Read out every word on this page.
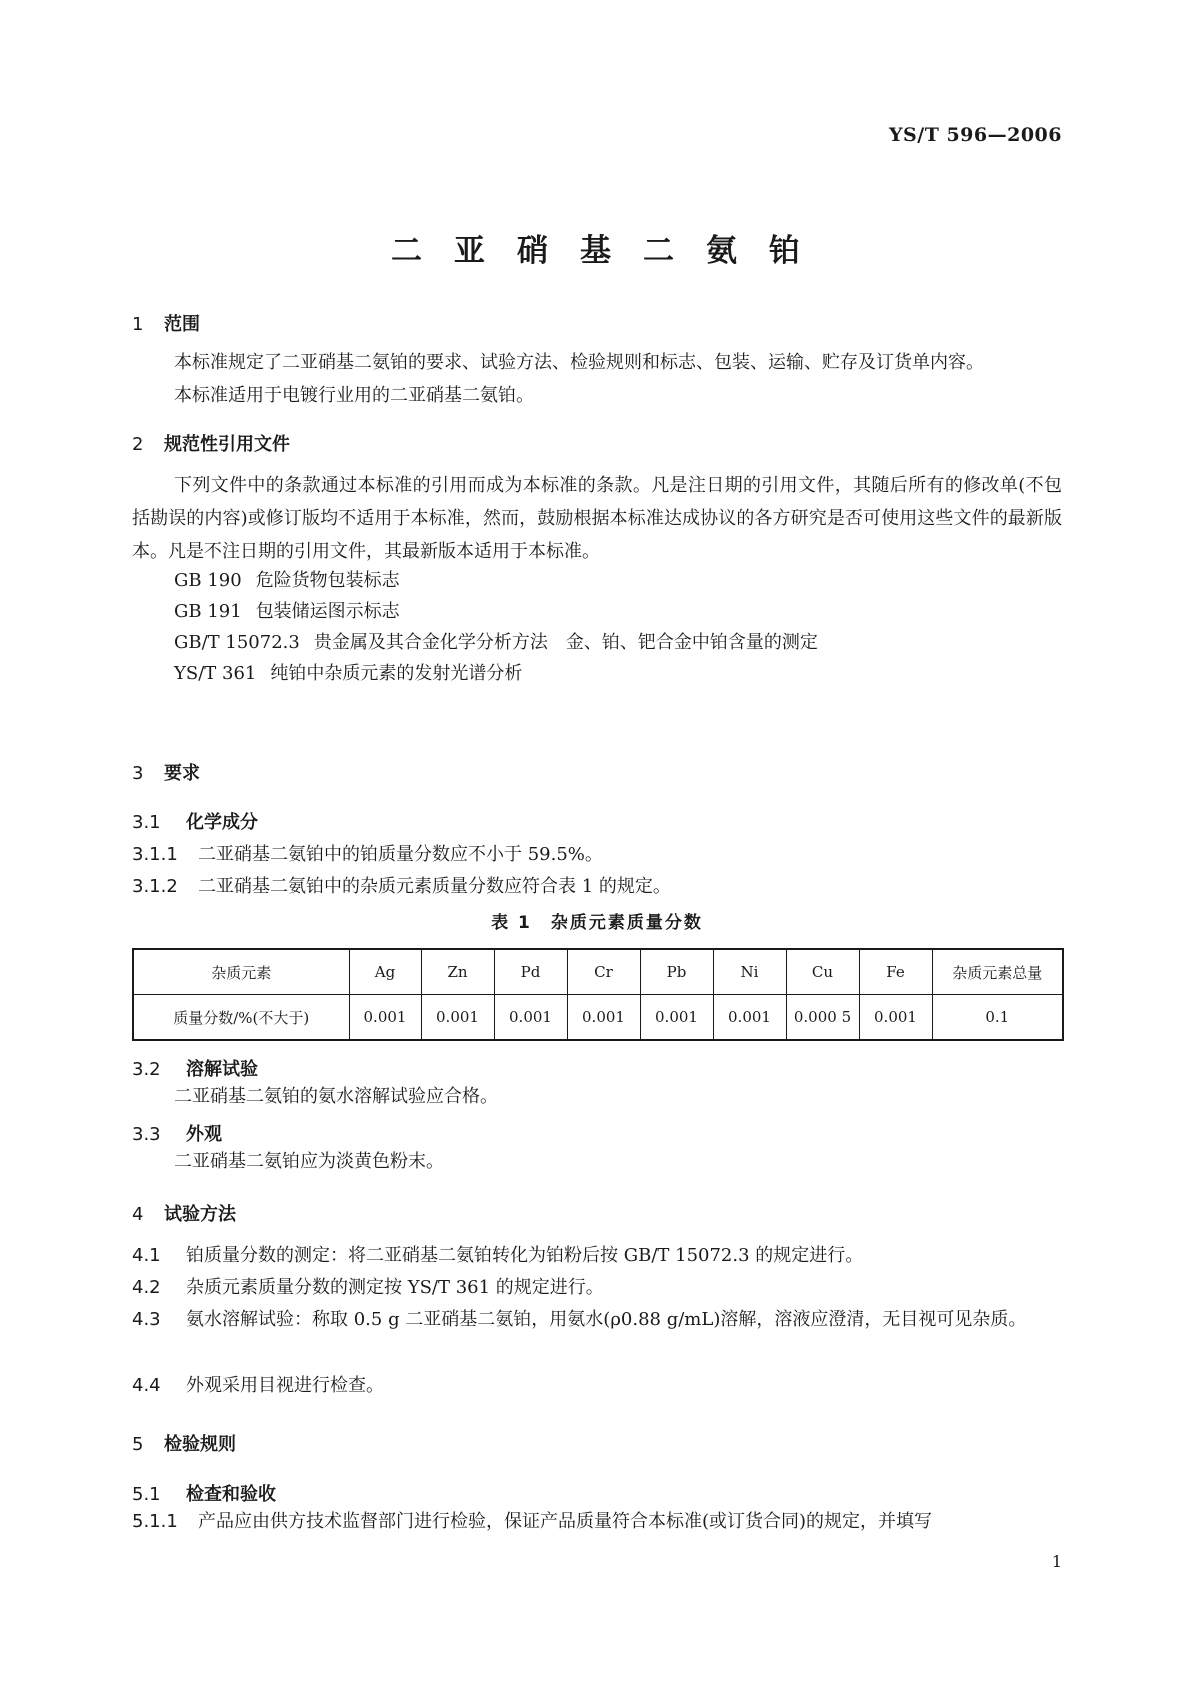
YS/T 596—2006
二亚硝基二氨铂
1 范围
本标准规定了二亚硝基二氨铂的要求、试验方法、检验规则和标志、包装、运输、贮存及订货单内容。
本标准适用于电镀行业用的二亚硝基二氨铂。
2 规范性引用文件
下列文件中的条款通过本标准的引用而成为本标准的条款。凡是注日期的引用文件，其随后所有的修改单(不包括勘误的内容)或修订版均不适用于本标准，然而，鼓励根据本标准达成协议的各方研究是否可使用这些文件的最新版本。凡是不注日期的引用文件，其最新版本适用于本标准。
GB 190 危险货物包装标志
GB 191 包装储运图示标志
GB/T 15072.3 贵金属及其合金化学分析方法　金、铂、钯合金中铂含量的测定
YS/T 361 纯铂中杂质元素的发射光谱分析
3 要求
3.1 化学成分
3.1.1 二亚硝基二氨铂中的铂质量分数应不小于 59.5%。
3.1.2 二亚硝基二氨铂中的杂质元素质量分数应符合表 1 的规定。
表 1　杂质元素质量分数
杂质元素	Ag	Zn	Pd	Cr	Pb	Ni	Cu	Fe	杂质元素总量
质量分数/%(不大于)	0.001	0.001	0.001	0.001	0.001	0.001	0.000 5	0.001	0.1
3.2 溶解试验
二亚硝基二氨铂的氨水溶解试验应合格。
3.3 外观
二亚硝基二氨铂应为淡黄色粉末。
4 试验方法
4.1 铂质量分数的测定：将二亚硝基二氨铂转化为铂粉后按 GB/T 15072.3 的规定进行。
4.2 杂质元素质量分数的测定按 YS/T 361 的规定进行。
4.3 氨水溶解试验：称取 0.5 g 二亚硝基二氨铂，用氨水(ρ0.88 g/mL)溶解，溶液应澄清，无目视可见杂质。
4.4 外观采用目视进行检查。
5 检验规则
5.1 检查和验收
5.1.1 产品应由供方技术监督部门进行检验，保证产品质量符合本标准(或订货合同)的规定，并填写
1
